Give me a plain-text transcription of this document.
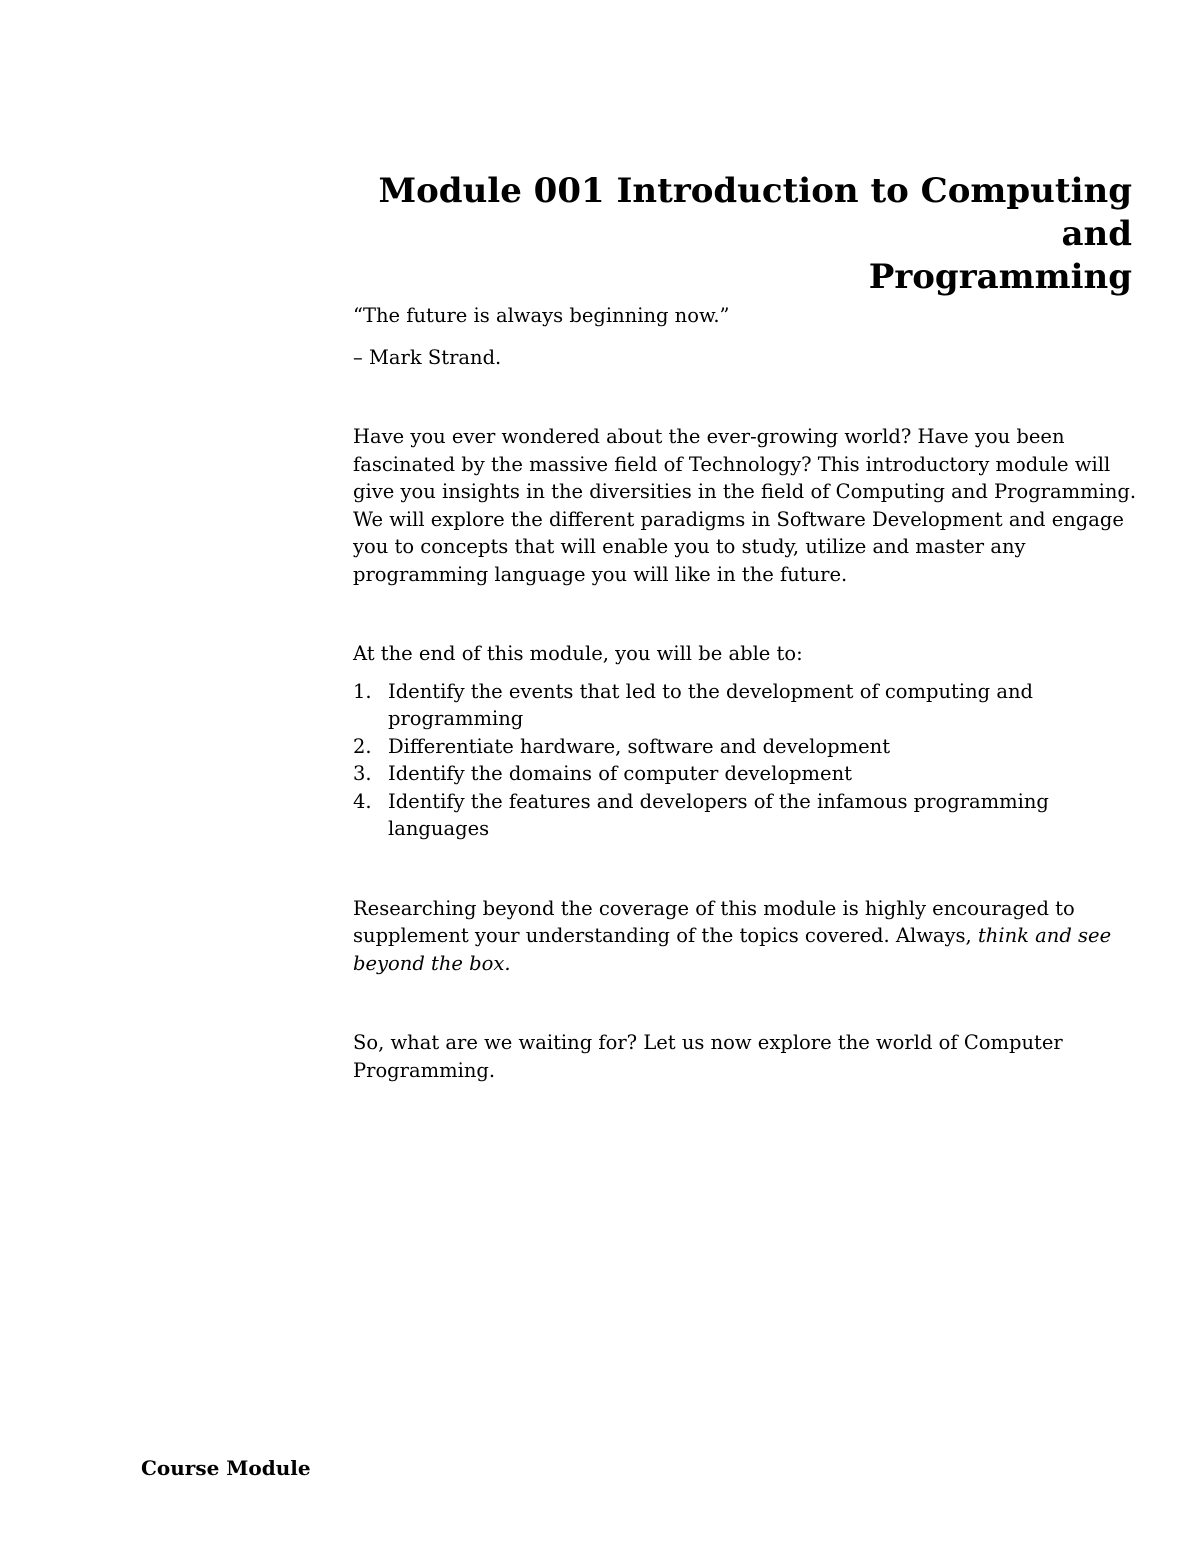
Module 001 Introduction to Computing and
Programming

“The future is always beginning now.”

– Mark Strand.

Have you ever wondered about the ever-growing world? Have you been fascinated by the massive field of Technology? This introductory module will give you insights in the diversities in the field of Computing and Programming. We will explore the different paradigms in Software Development and engage you to concepts that will enable you to study, utilize and master any programming language you will like in the future.

At the end of this module, you will be able to:

1. Identify the events that led to the development of computing and programming
2. Differentiate hardware, software and development
3. Identify the domains of computer development
4. Identify the features and developers of the infamous programming languages

Researching beyond the coverage of this module is highly encouraged to supplement your understanding of the topics covered. Always, think and see beyond the box.

So, what are we waiting for? Let us now explore the world of Computer Programming.

Course Module
